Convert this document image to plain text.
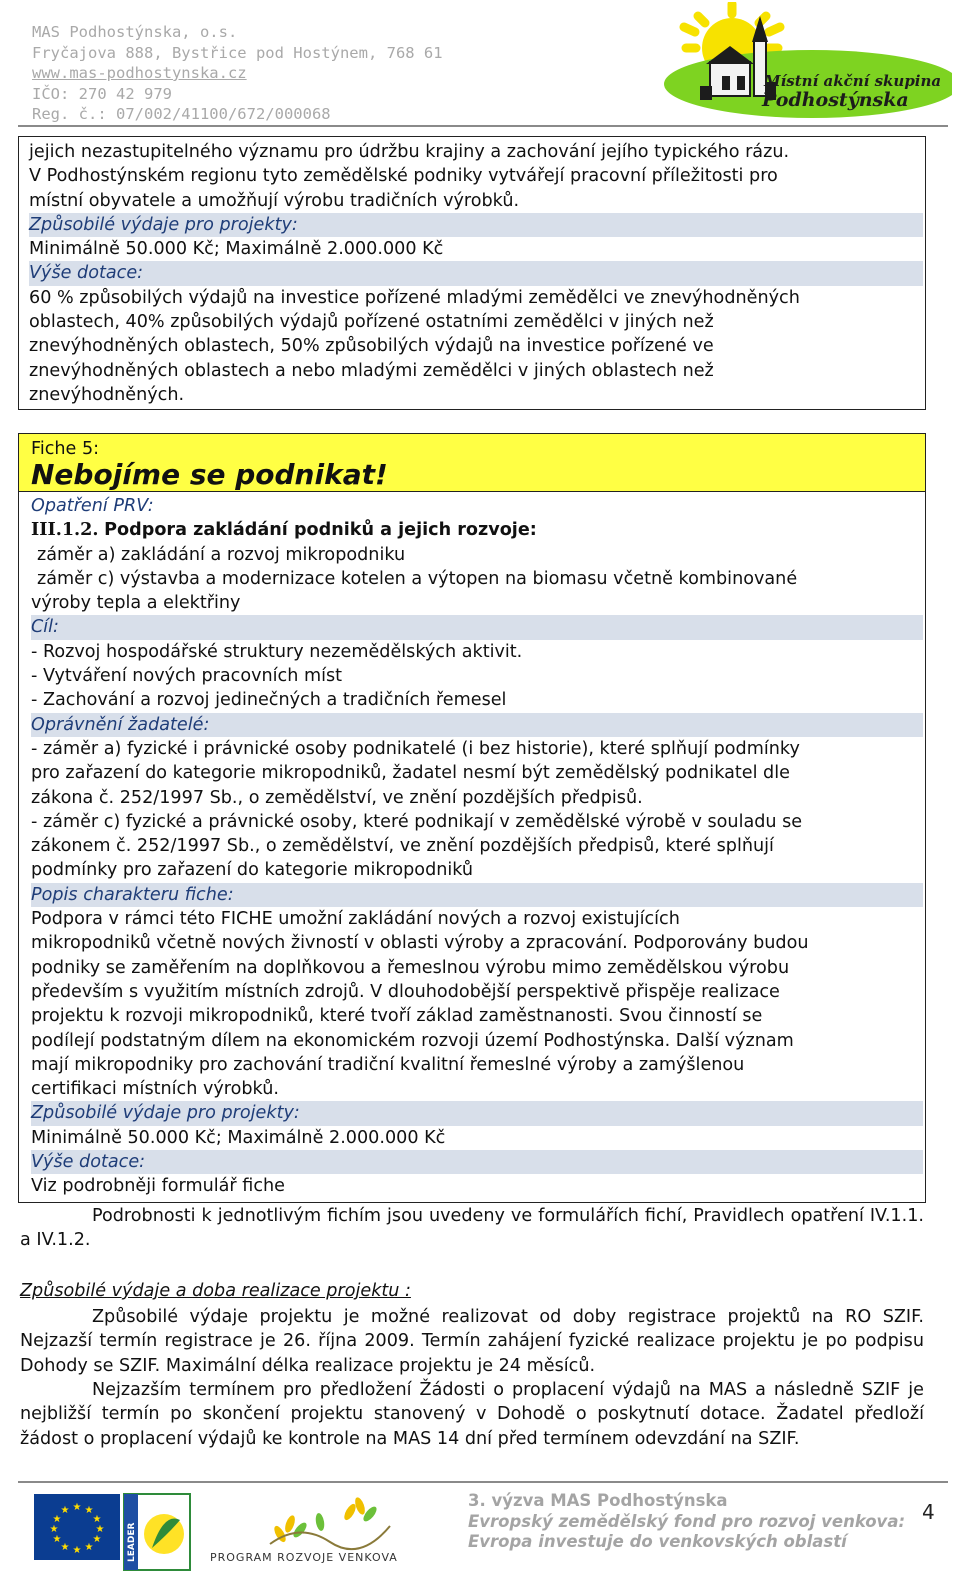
MAS Podhostýnska, o.s.
Fryčajova 888, Bystřice pod Hostýnem, 768 61
www.mas-podhostynska.cz
IČO: 270 42 979
Reg. č.: 07/002/41100/672/000068
Místní akční skupina
Podhostýnska
jejich nezastupitelného významu pro údržbu krajiny a zachování jejího typického rázu.
V Podhostýnském regionu tyto zemědělské podniky vytvářejí pracovní příležitosti pro
místní obyvatele a umožňují výrobu tradičních výrobků.
Způsobilé výdaje pro projekty:
Minimálně 50.000 Kč; Maximálně 2.000.000 Kč
Výše dotace:
60 % způsobilých výdajů na investice pořízené mladými zemědělci ve znevýhodněných
oblastech, 40% způsobilých výdajů pořízené ostatními zemědělci v jiných než
znevýhodněných oblastech, 50% způsobilých výdajů na investice pořízené ve
znevýhodněných oblastech a nebo mladými zemědělci v jiných oblastech než
znevýhodněných.
Fiche 5:
Nebojíme se podnikat!
Opatření PRV:
III.1.2. Podpora zakládání podniků a jejich rozvoje:
záměr a) zakládání a rozvoj mikropodniku
záměr c) výstavba a modernizace kotelen a výtopen na biomasu včetně kombinované
výroby tepla a elektřiny
Cíl:
- Rozvoj hospodářské struktury nezemědělských aktivit.
- Vytváření nových pracovních míst
- Zachování a rozvoj jedinečných a tradičních řemesel
Oprávnění žadatelé:
- záměr a) fyzické i právnické osoby podnikatelé (i bez historie), které splňují podmínky
pro zařazení do kategorie mikropodniků, žadatel nesmí být zemědělský podnikatel dle
zákona č. 252/1997 Sb., o zemědělství, ve znění pozdějších předpisů.
- záměr c) fyzické a právnické osoby, které podnikají v zemědělské výrobě v souladu se
zákonem č. 252/1997 Sb., o zemědělství, ve znění pozdějších předpisů, které splňují
podmínky pro zařazení do kategorie mikropodniků
Popis charakteru fiche:
Podpora v rámci této FICHE umožní zakládání nových a rozvoj existujících
mikropodniků včetně nových živností v oblasti výroby a zpracování. Podporovány budou
podniky se zaměřením na doplňkovou a řemeslnou výrobu mimo zemědělskou výrobu
především s využitím místních zdrojů. V dlouhodobější perspektivě přispěje realizace
projektu k rozvoji mikropodniků, které tvoří základ zaměstnanosti. Svou činností se
podílejí podstatným dílem na ekonomickém rozvoji území Podhostýnska. Další význam
mají mikropodniky pro zachování tradiční kvalitní řemeslné výroby a zamýšlenou
certifikaci místních výrobků.
Způsobilé výdaje pro projekty:
Minimálně 50.000 Kč; Maximálně 2.000.000 Kč
Výše dotace:
Viz podrobněji formulář fiche
Podrobnosti k jednotlivým fichím jsou uvedeny ve formulářích fichí, Pravidlech opatření IV.1.1. a IV.1.2.
Způsobilé výdaje a doba realizace projektu :
Způsobilé výdaje projektu je možné realizovat od doby registrace projektů na RO SZIF. Nejzazší termín registrace je 26. října 2009. Termín zahájení fyzické realizace projektu je po podpisu Dohody se SZIF. Maximální délka realizace projektu je 24 měsíců.
Nejzazším termínem pro předložení Žádosti o proplacení výdajů na MAS a následně SZIF je nejbližší termín po skončení projektu stanovený v Dohodě o poskytnutí dotace. Žadatel předloží žádost o proplacení výdajů ke kontrole na MAS 14 dní před termínem odevzdání na SZIF.
★ ★
★
★
★
★
★
★
★
★
★
★
LEADER	PROGRAM ROZVOJE VENKOVA
3. výzva MAS Podhostýnska
Evropský zemědělský fond pro rozvoj venkova:
Evropa investuje do venkovských oblastí
4
